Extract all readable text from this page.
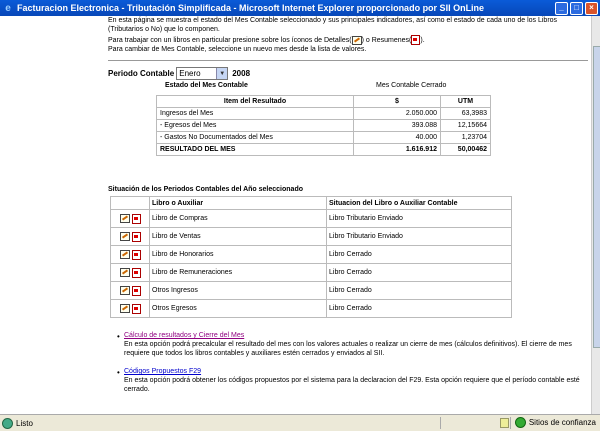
e Facturacion Electronica - Tributación Simplificada - Microsoft Internet Explorer proporcionado por SII OnLine	_	□	×

En esta página se muestra el estado del Mes Contable seleccionado y sus principales indicadores, así como el estado de cada uno de los Libros (Tributarios o No) que lo componen.

Para trabajar con un libros en particular presione sobre los íconos de Detalles( ) o Resumenes( ).
Para cambiar de Mes Contable, seleccione un nuevo mes desde la lista de valores.

Periodo Contable Enero	▼ 2008
Estado del Mes Contable	Mes Contable Cerrado
Item del Resultado	$	UTM
Ingresos del Mes	2.050.000	63,3983
- Egresos del Mes	393.088	12,15664
- Gastos No Documentados del Mes	40.000	1,23704
RESULTADO DEL MES	1.616.912	50,00462
Situación de los Periodos Contables del Año seleccionado
	Libro o Auxiliar	Situacion del Libro o Auxiliar Contable
	Libro de Compras	Libro Tributario Enviado
	Libro de Ventas	Libro Tributario Enviado
	Libro de Honorarios	Libro Cerrado
	Libro de Remuneraciones	Libro Cerrado
	Otros Ingresos	Libro Cerrado
	Otros Egresos	Libro Cerrado
• Cálculo de resultados y Cierre del Mes

En esta opción podrá precalcular el resultado del mes con los valores actuales o realizar un cierre de mes (cálculos definitivos). El cierre de mes requiere que todos los libros contables y auxiliares estén cerrados y enviados al SII.

• Códigos Propuestos F29

En esta opción podrá obtener los códigos propuestos por el sistema para la declaracion del F29. Esta opción requiere que el período contable esté cerrado.

Listo	Sitios de confianza
